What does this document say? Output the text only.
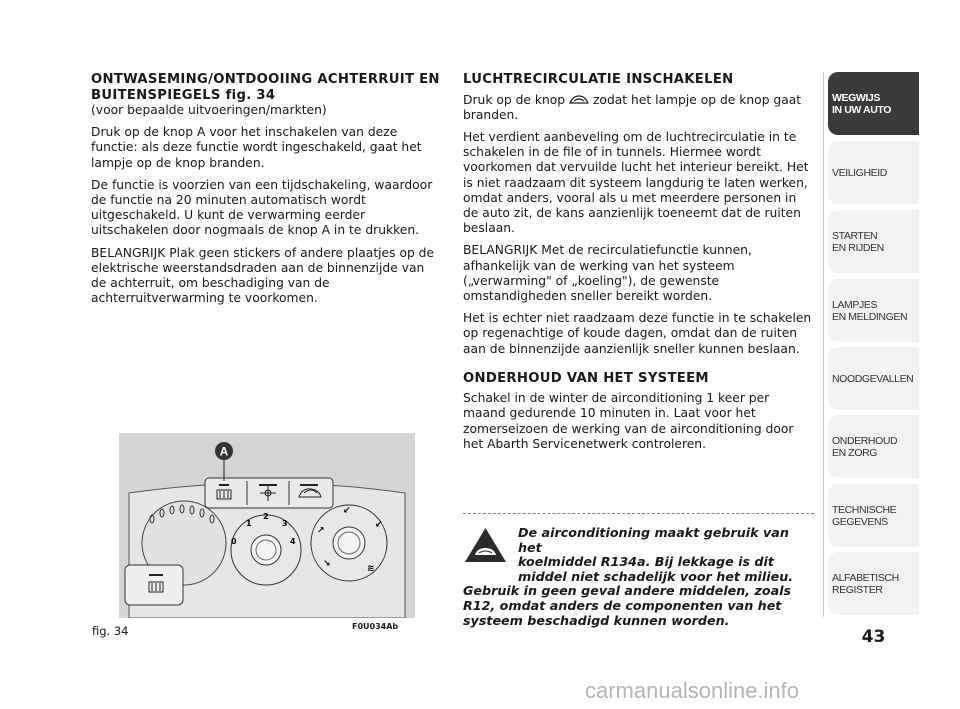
ONTWASEMING/ONTDOOIING ACHTERRUIT EN BUITENSPIEGELS fig. 34

(voor bepaalde uitvoeringen/markten)

Druk op de knop A voor het inschakelen van deze functie: als deze functie wordt ingeschakeld, gaat het lampje op de knop branden.

De functie is voorzien van een tijdschakeling, waardoor de functie na 20 minuten automatisch wordt uitgeschakeld. U kunt de verwarming eerder uitschakelen door nogmaals de knop A in te drukken.

BELANGRIJK Plak geen stickers of andere plaatjes op de elektrische weerstandsdraden aan de binnenzijde van de achterruit, om beschadiging van de achterruitverwarming te voorkomen.

A
1
2
3
0	4
↙
↙
↗
↘	≋
fig. 34	F0U034Ab
LUCHTRECIRCULATIE INSCHAKELEN

Druk op de knop zodat het lampje op de knop gaat branden.

Het verdient aanbeveling om de luchtrecirculatie in te schakelen in de file of in tunnels. Hiermee wordt voorkomen dat vervuilde lucht het interieur bereikt. Het is niet raadzaam dit systeem langdurig te laten werken, omdat anders, vooral als u met meerdere personen in de auto zit, de kans aanzienlijk toeneemt dat de ruiten beslaan.

BELANGRIJK Met de recirculatiefunctie kunnen, afhankelijk van de werking van het systeem („verwarming" of „koeling"), de gewenste omstandigheden sneller bereikt worden.

Het is echter niet raadzaam deze functie in te schakelen op regenachtige of koude dagen, omdat dan de ruiten aan de binnenzijde aanzienlijk sneller kunnen beslaan.

ONDERHOUD VAN HET SYSTEEM

Schakel in de winter de airconditioning 1 keer per maand gedurende 10 minuten in. Laat voor het zomerseizoen de werking van de airconditioning door het Abarth Servicenetwerk controleren.

De airconditioning maakt gebruik van het
koelmiddel R134a. Bij lekkage is dit
middel niet schadelijk voor het milieu.
Gebruik in geen geval andere middelen, zoals R12, omdat anders de componenten van het systeem beschadigd kunnen worden.
WEGWIJS
IN UW AUTO
VEILIGHEID
STARTEN
EN RIJDEN
LAMPJES
EN MELDINGEN
NOODGEVALLEN
ONDERHOUD
EN ZORG
TECHNISCHE
GEGEVENS
ALFABETISCH
REGISTER
43
carmanualsonline.info
